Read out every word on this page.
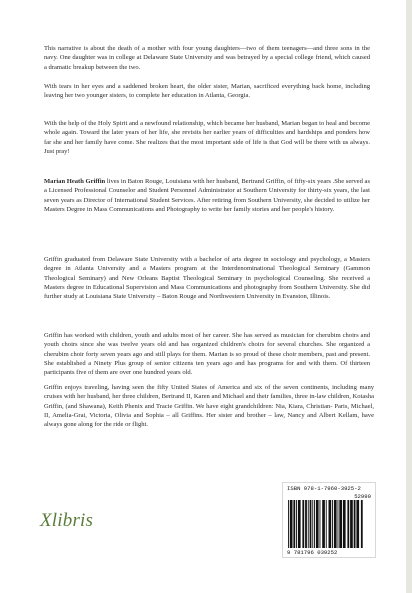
This narrative is about the death of a mother with four young daughters—two of them teenagers—and three sons in the navy. One daughter was in college at Delaware State University and was betrayed by a special college friend, which caused a dramatic breakup between the two.

With tears in her eyes and a saddened broken heart, the older sister, Marian, sacrificed everything back home, including leaving her two younger sisters, to complete her education in Atlanta, Georgia.

With the help of the Holy Spirit and a newfound relationship, which became her husband, Marian began to heal and become whole again. Toward the later years of her life, she revisits her earlier years of difficulties and hardships and ponders how far she and her family have come. She realizes that the most important side of life is that God will be there with us always. Just pray!

Marian Heath Griffin lives in Baton Rouge, Louisiana with her husband, Bertrand Griffin, of fifty-six years .She served as a Licensed Professional Counselor and Student Personnel Administrator at Southern University for thirty-six years, the last seven years as Director of International Student Services. After retiring from Southern University, she decided to utilize her Masters Degree in Mass Communications and Photography to write her family stories and her people's history.

Griffin graduated from Delaware State University with a bachelor of arts degree in sociology and psychology, a Masters degree in Atlanta University and a Masters program at the Interdenominational Theological Seminary (Gammon Theological Seminary) and New Orleans Baptist Theological Seminary in psychological Counseling. She received a Masters degree in Educational Supervision and Mass Communications and photography from Southern University. She did further study at Louisiana State University – Baton Rouge and Northwestern University in Evanston, Illinois.

Griffin has worked with children, youth and adults most of her career. She has served as musician for cherubim choirs and youth choirs since she was twelve years old and has organized children's choirs for several churches. She organized a cherubim choir forty seven years ago and still plays for them. Marian is so proud of these choir members, past and present. She established a Ninety Plus group of senior citizens ten years ago and has programs for and with them. Of thirteen participants five of them are over one hundred years old.

Griffin enjoys traveling, having seen the fifty United States of America and six of the seven continents, including many cruises with her husband, her three children, Bertrand II, Karen and Michael and their families, three in-law children, Kotasha Griffin, (and Shawana), Keith Phenix and Tracie Griffin. We have eight grandchildren: Nia, Kiara, Christian- Paris, Michael, II, Amelia-Grai, Victoria, Olivia and Sophia – all Griffins. Her sister and brother – law, Nancy and Albert Kellam, have always gone along for the ride or flight.

Xlibris
ISBN 978-1-7960-3925-2
52999
9 781796 039252
